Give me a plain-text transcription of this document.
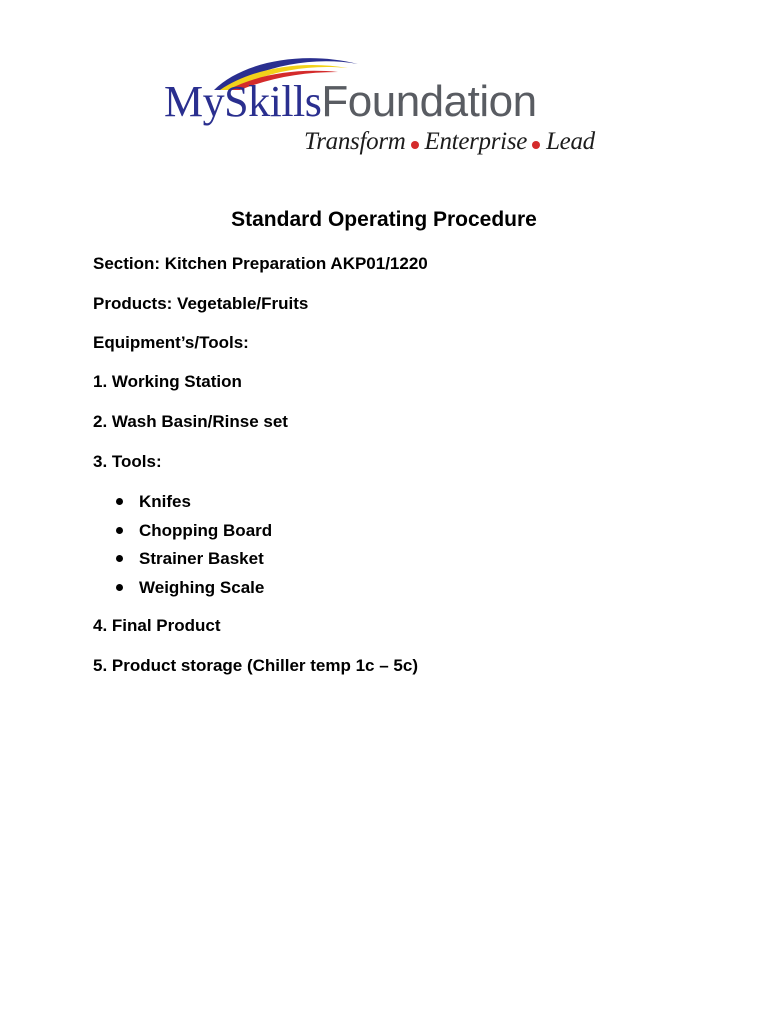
MySkillsFoundation
Transform Enterprise Lead
Standard Operating Procedure
Section: Kitchen Preparation AKP01/1220
Products: Vegetable/Fruits
Equipment’s/Tools:
1. Working Station
2. Wash Basin/Rinse set
3. Tools:
Knifes
Chopping Board
Strainer Basket
Weighing Scale
4. Final Product
5. Product storage (Chiller temp 1c – 5c)
